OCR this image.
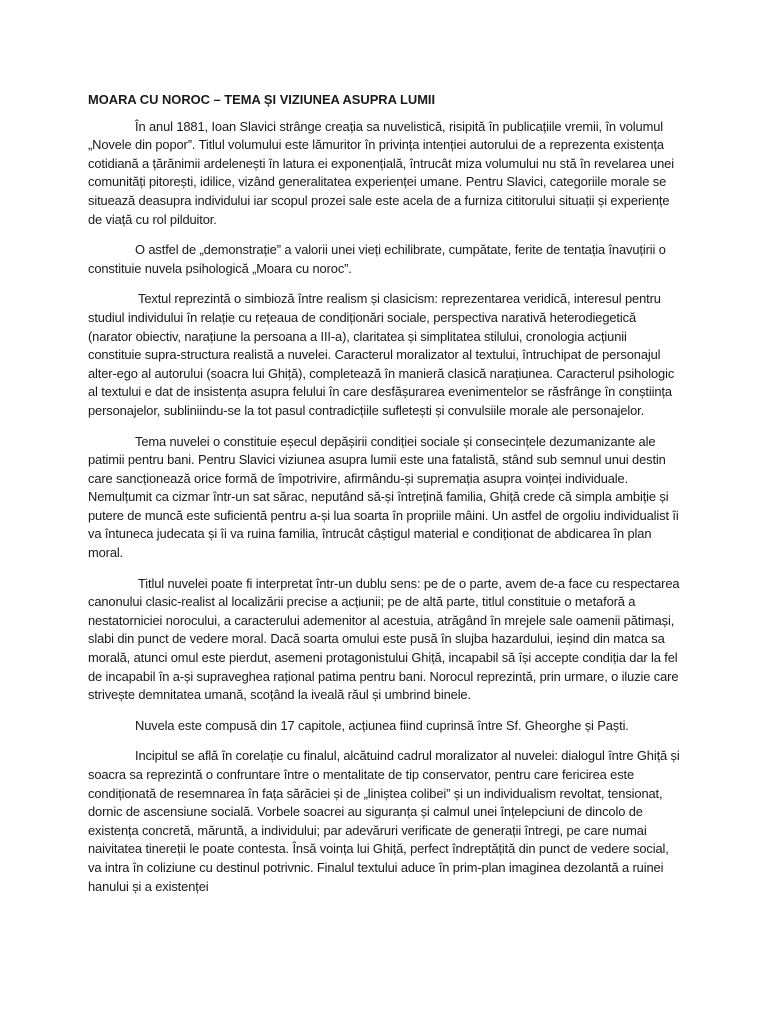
MOARA CU NOROC – TEMA ȘI VIZIUNEA ASUPRA LUMII

În anul 1881, Ioan Slavici strânge creația sa nuvelistică, risipită în publicațiile vremii, în volumul „Novele din popor”. Titlul volumului este lămuritor în privința intenției autorului de a reprezenta existența cotidiană a țărănimii ardelenești în latura ei exponențială, întrucât miza volumului nu stă în revelarea unei comunități pitorești, idilice, vizând generalitatea experienței umane. Pentru Slavici, categoriile morale se situează deasupra individului iar scopul prozei sale este acela de a furniza cititorului situații și experiențe de viață cu rol pilduitor.

O astfel de „demonstrație” a valorii unei vieți echilibrate, cumpătate, ferite de tentația înavuțirii o constituie nuvela psihologică „Moara cu noroc”.

Textul reprezintă o simbioză între realism și clasicism: reprezentarea veridică, interesul pentru studiul individului în relație cu rețeaua de condiționări sociale, perspectiva narativă heterodiegetică (narator obiectiv, narațiune la persoana a III-a), claritatea și simplitatea stilului, cronologia acțiunii constituie supra-structura realistă a nuvelei. Caracterul moralizator al textului, întruchipat de personajul alter-ego al autorului (soacra lui Ghiță), completează în manieră clasică narațiunea. Caracterul psihologic al textului e dat de insistența asupra felului în care desfășurarea evenimentelor se răsfrânge în conștiința personajelor, subliniindu-se la tot pasul contradicțiile sufletești și convulsiile morale ale personajelor.

Tema nuvelei o constituie eșecul depășirii condiției sociale și consecințele dezumanizante ale patimii pentru bani. Pentru Slavici viziunea asupra lumii este una fatalistă, stând sub semnul unui destin care sancționează orice formă de împotrivire, afirmându-și supremația asupra voinței individuale. Nemulțumit ca cizmar într-un sat sărac, neputând să-și întrețină familia, Ghiță crede că simpla ambiție și putere de muncă este suficientă pentru a-și lua soarta în propriile mâini. Un astfel de orgoliu individualist îi va întuneca judecata și îi va ruina familia, întrucât câștigul material e condiționat de abdicarea în plan moral.

Titlul nuvelei poate fi interpretat într-un dublu sens: pe de o parte, avem de-a face cu respectarea canonului clasic-realist al localizării precise a acțiunii; pe de altă parte, titlul constituie o metaforă a nestatorniciei norocului, a caracterului ademenitor al acestuia, atrăgând în mrejele sale oamenii pătimași, slabi din punct de vedere moral. Dacă soarta omului este pusă în slujba hazardului, ieșind din matca sa morală, atunci omul este pierdut, asemeni protagonistului Ghiță, incapabil să își accepte condiția dar la fel de incapabil în a-și supraveghea rațional patima pentru bani. Norocul reprezintă, prin urmare, o iluzie care strivește demnitatea umană, scoțând la iveală răul și umbrind binele.

Nuvela este compusă din 17 capitole, acțiunea fiind cuprinsă între Sf. Gheorghe și Paști.

Incipitul se află în corelație cu finalul, alcătuind cadrul moralizator al nuvelei: dialogul între Ghiță și soacra sa reprezintă o confruntare între o mentalitate de tip conservator, pentru care fericirea este condiționată de resemnarea în fața sărăciei și de „liniștea colibei” și un individualism revoltat, tensionat, dornic de ascensiune socială. Vorbele soacrei au siguranța și calmul unei înțelepciuni de dincolo de existența concretă, măruntă, a individului; par adevăruri verificate de generații întregi, pe care numai naivitatea tinereții le poate contesta. Însă voința lui Ghiță, perfect îndreptățită din punct de vedere social, va intra în coliziune cu destinul potrivnic. Finalul textului aduce în prim-plan imaginea dezolantă a ruinei hanului și a existenței
